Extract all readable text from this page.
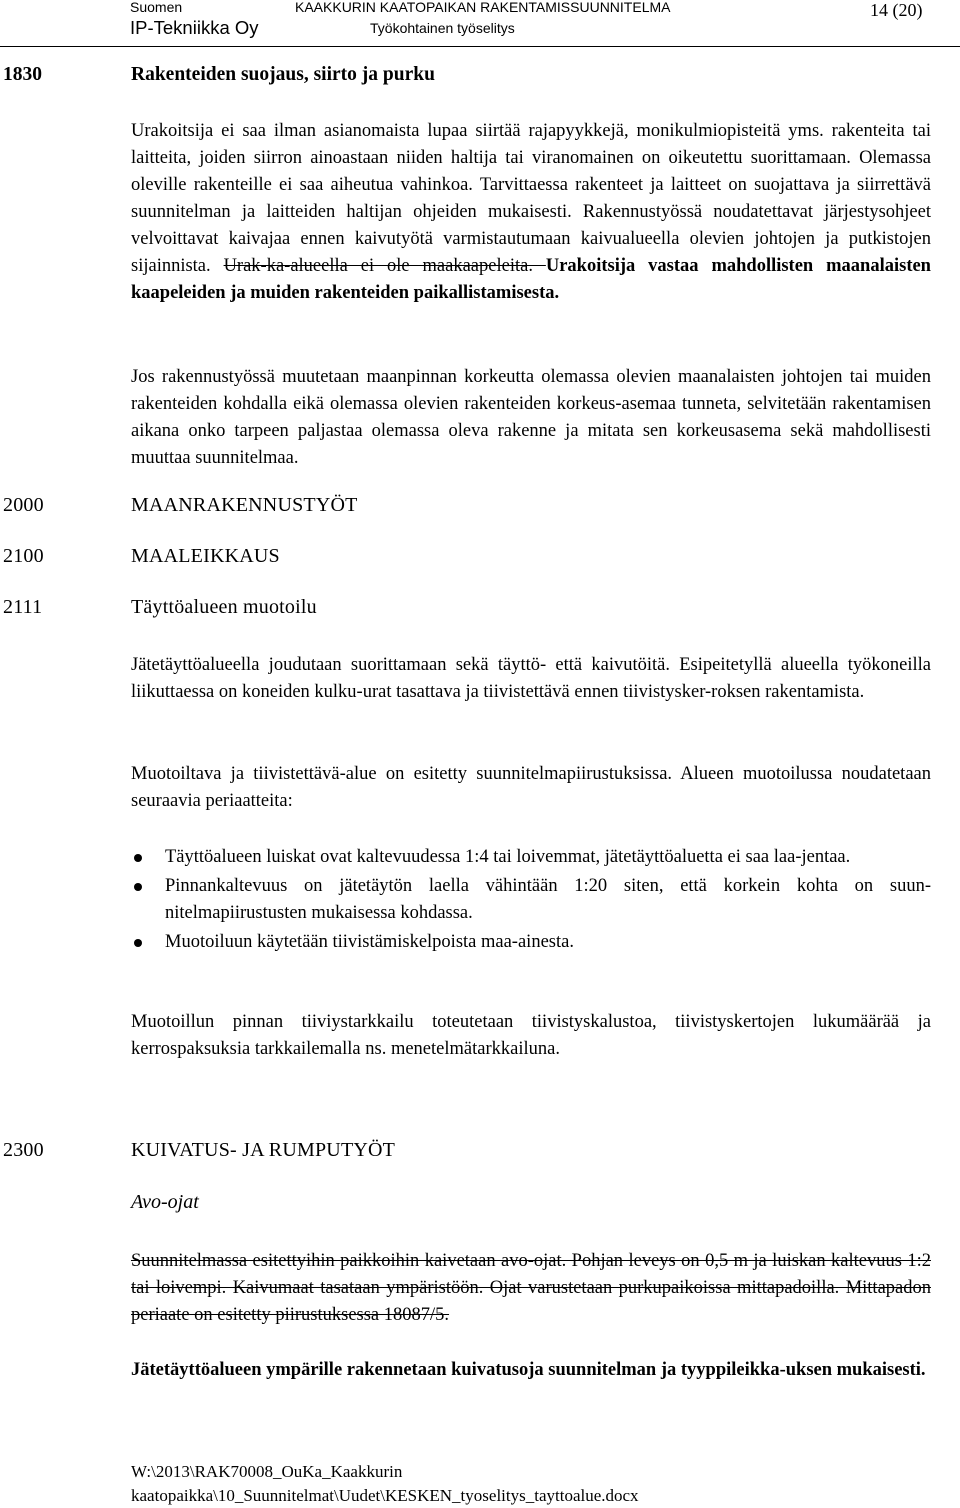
Suomen
IP-Tekniikka Oy
KAAKKURIN KAATOPAIKAN RAKENTAMISSUUNNITELMA
Työkohtainen työselitys
14 (20)
1830	Rakenteiden suojaus, siirto ja purku

Urakoitsija ei saa ilman asianomaista lupaa siirtää rajapyykkejä, monikulmiopisteitä yms. rakenteita tai laitteita, joiden siirron ainoastaan niiden haltija tai viranomainen on oikeutettu suorittamaan. Olemassa oleville rakenteille ei saa aiheutua vahinkoa. Tarvittaessa rakenteet ja laitteet on suojattava ja siirrettävä suunnitelman ja laitteiden haltijan ohjeiden mukaisesti. Rakennustyössä noudatettavat järjestysohjeet velvoittavat kaivajaa ennen kaivutyötä varmistautumaan kaivualueella olevien johtojen ja putkistojen sijainnista. Urak-ka-alueella ei ole maakaapeleita. Urakoitsija vastaa mahdollisten maanalaisten kaapeleiden ja muiden rakenteiden paikallistamisesta.

Jos rakennustyössä muutetaan maanpinnan korkeutta olemassa olevien maanalaisten johtojen tai muiden rakenteiden kohdalla eikä olemassa olevien rakenteiden korkeus-asemaa tunneta, selvitetään rakentamisen aikana onko tarpeen paljastaa olemassa oleva rakenne ja mitata sen korkeusasema sekä mahdollisesti muuttaa suunnitelmaa.

2000	MAANRAKENNUSTYÖT
2100	MAALEIKKAUS
2111	Täyttöalueen muotoilu

Jätetäyttöalueella joudutaan suorittamaan sekä täyttö- että kaivutöitä. Esipeitetyllä alueella työkoneilla liikuttaessa on koneiden kulku-urat tasattava ja tiivistettävä ennen tiivistysker-roksen rakentamista.

Muotoiltava ja tiivistettävä-alue on esitetty suunnitelmapiirustuksissa. Alueen muotoilussa noudatetaan seuraavia periaatteita:

Täyttöalueen luiskat ovat kaltevuudessa 1:4 tai loivemmat, jätetäyttöaluetta ei saa laa-jentaa.
Pinnankaltevuus on jätetäytön laella vähintään 1:20 siten, että korkein kohta on suun-nitelmapiirustusten mukaisessa kohdassa.
Muotoiluun käytetään tiivistämiskelpoista maa-ainesta.

Muotoillun pinnan tiiviystarkkailu toteutetaan tiivistyskalustoa, tiivistyskertojen lukumäärää ja kerrospaksuksia tarkkailemalla ns. menetelmätarkkailuna.

2300	KUIVATUS- JA RUMPUTYÖT
Avo-ojat

Suunnitelmassa esitettyihin paikkoihin kaivetaan avo-ojat. Pohjan leveys on 0,5 m ja luiskan kaltevuus 1:2 tai loivempi. Kaivumaat tasataan ympäristöön. Ojat varustetaan purkupaikoissa mittapadoilla. Mittapadon periaate on esitetty piirustuksessa 18087/5.

Jätetäyttöalueen ympärille rakennetaan kuivatusoja suunnitelman ja tyyppileikka-uksen mukaisesti.

W:\2013\RAK70008_OuKa_Kaakkurin
kaatopaikka\10_Suunnitelmat\Uudet\KESKEN_tyoselitys_tayttoalue.docx
